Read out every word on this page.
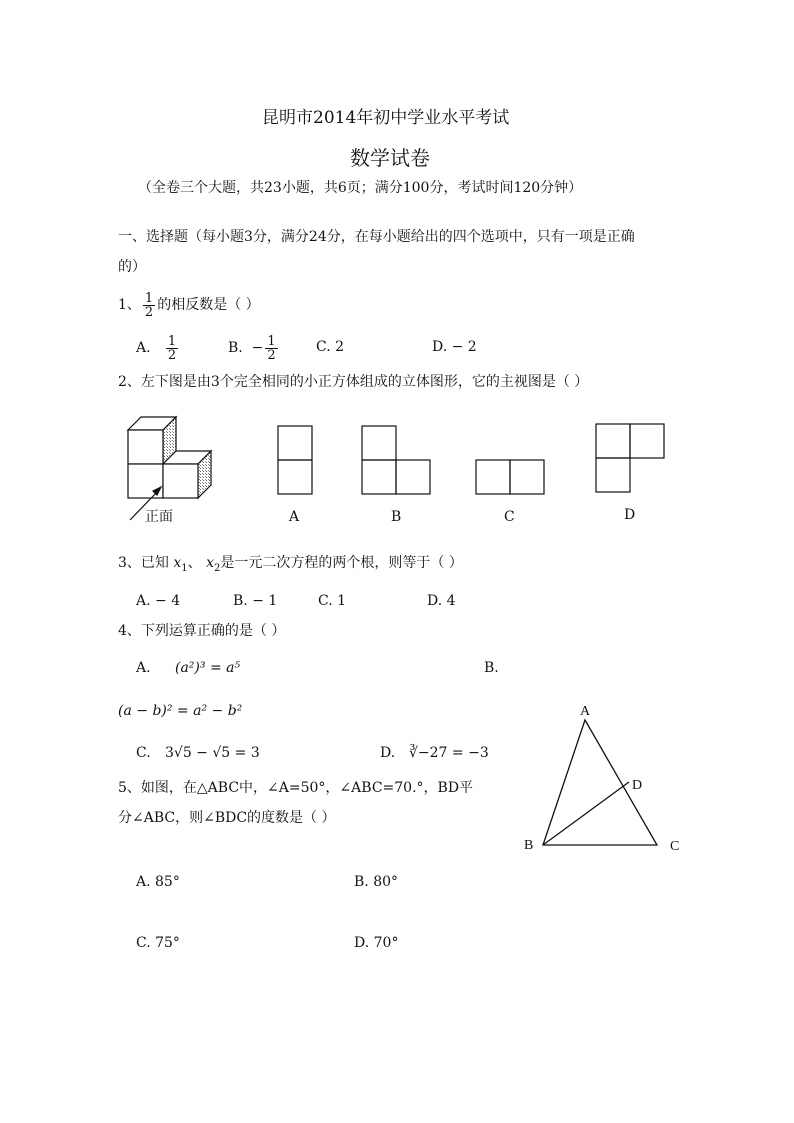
昆明市2014年初中学业水平考试
数学试卷
（全卷三个大题，共23小题，共6页；满分100分，考试时间120分钟）
一、选择题（每小题3分，满分24分，在每小题给出的四个选项中，只有一项是正确
的）
1、 $\frac{1}{2}$ 的相反数是（ ）
A. $\frac{1}{2}$	B. − $\frac{1}{2}$	C. 2	D. − 2
2、左下图是由3个完全相同的小正方体组成的立体图形，它的主视图是（ ）
正面	A	B	C	D
3、已知 $x_1$、 $x_2$是一元二次方程的两个根，则等于（ ）
A. − 4	B. − 1	C. 1	D. 4
4、下列运算正确的是（ ）
A. (a²)³ = a⁵	B.
(a − b)² = a² − b²
C. 3√5 − √5 = 3	D. ∛−27 = −3
5、如图，在△ABC中，∠A=50°，∠ABC=70.°，BD平
分∠ABC，则∠BDC的度数是（ ）
A
B	C
D
A. 85°	B. 80°
C. 75°	D. 70°
